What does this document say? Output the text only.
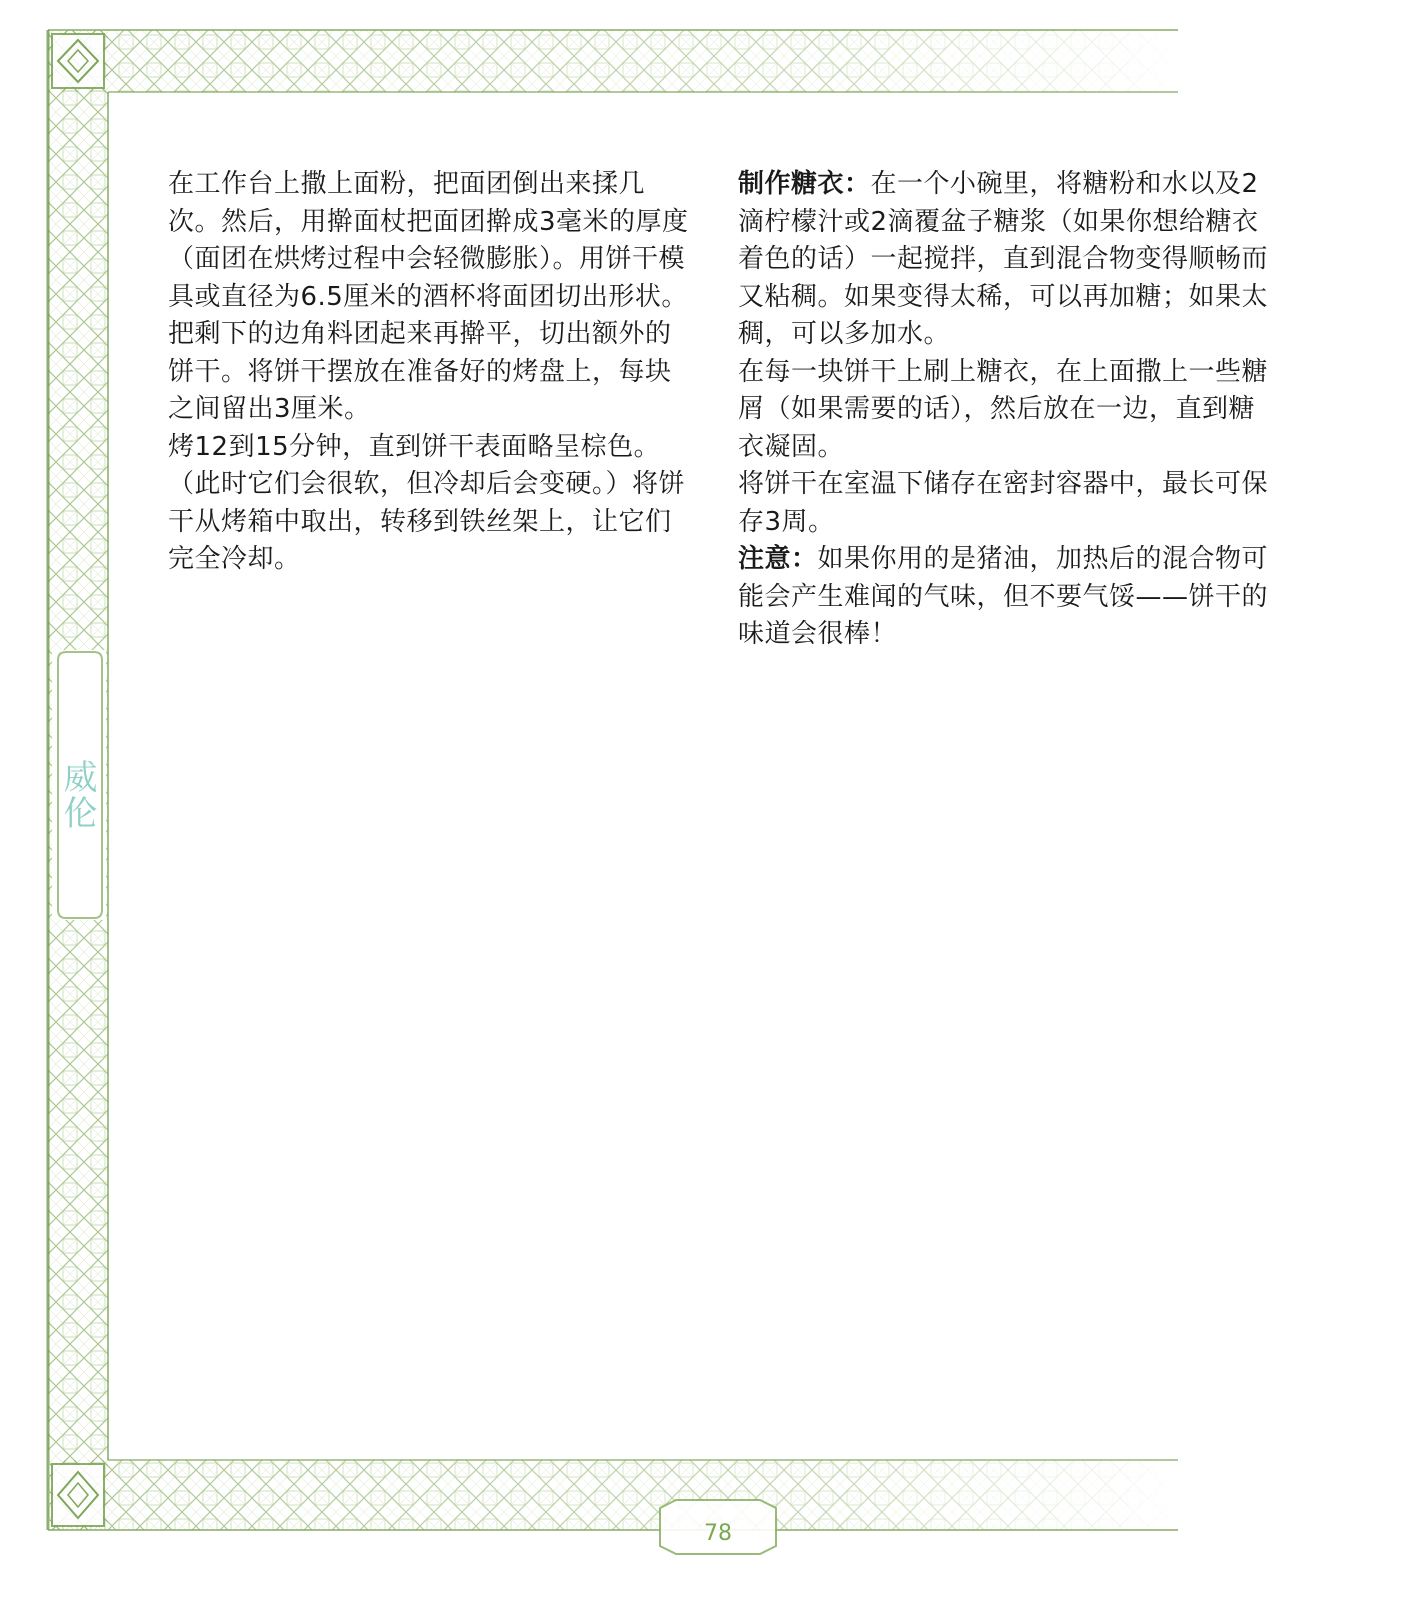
在工作台上撒上面粉，把面团倒出来揉几次。然后，用擀面杖把面团擀成3毫米的厚度（面团在烘烤过程中会轻微膨胀）。用饼干模具或直径为6.5厘米的酒杯将面团切出形状。把剩下的边角料团起来再擀平，切出额外的饼干。将饼干摆放在准备好的烤盘上，每块之间留出3厘米。

烤12到15分钟，直到饼干表面略呈棕色。（此时它们会很软，但冷却后会变硬。）将饼干从烤箱中取出，转移到铁丝架上，让它们完全冷却。

制作糖衣：在一个小碗里，将糖粉和水以及2滴柠檬汁或2滴覆盆子糖浆（如果你想给糖衣着色的话）一起搅拌，直到混合物变得顺畅而又粘稠。如果变得太稀，可以再加糖；如果太稠，可以多加水。

在每一块饼干上刷上糖衣，在上面撒上一些糖屑（如果需要的话），然后放在一边，直到糖衣凝固。

将饼干在室温下储存在密封容器中，最长可保存3周。

注意：如果你用的是猪油，加热后的混合物可能会产生难闻的气味，但不要气馁——饼干的味道会很棒！

威伦
78
